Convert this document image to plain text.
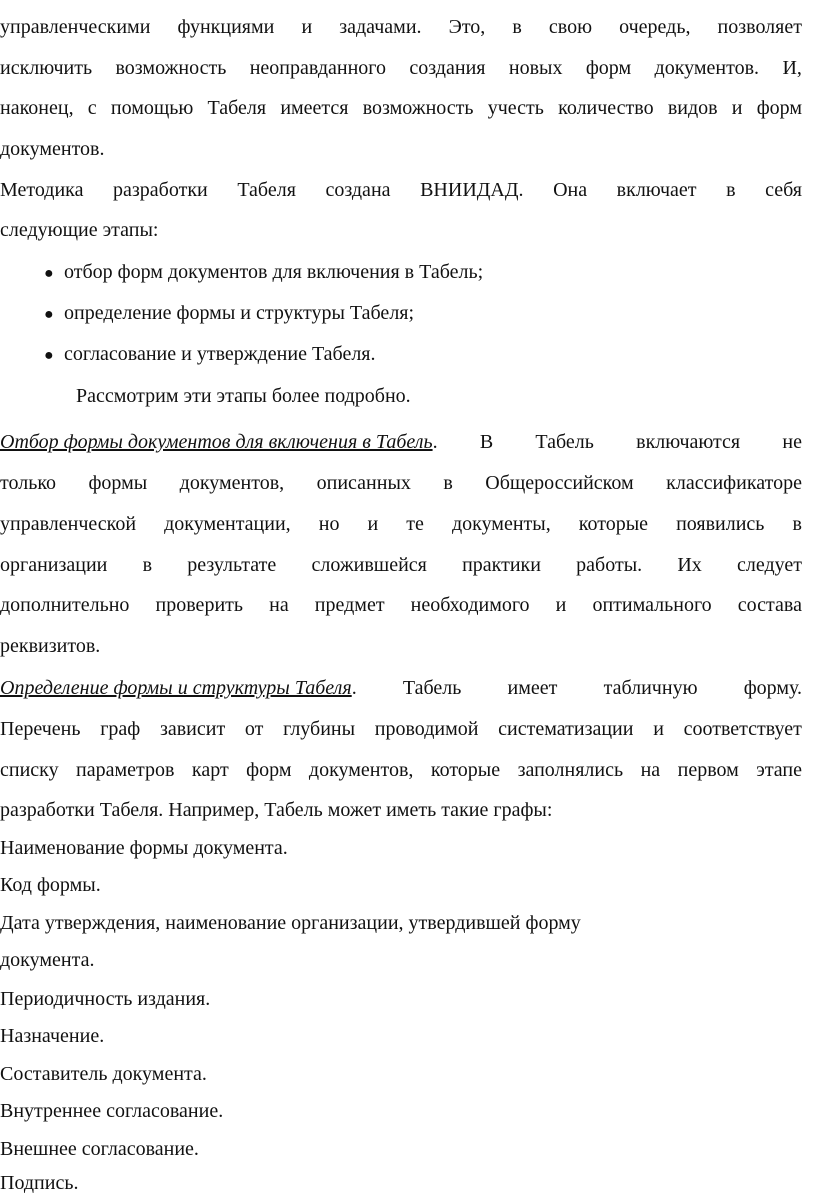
управленческими функциями и задачами. Это, в свою очередь, позволяет
исключить возможность неоправданного создания новых форм документов. И,
наконец, с помощью Табеля имеется возможность учесть количество видов и форм
документов.
Методика разработки Табеля создана ВНИИДАД. Она включает в себя
следующие этапы:
● отбор форм документов для включения в Табель;
● определение формы и структуры Табеля;
● согласование и утверждение Табеля.
Рассмотрим эти этапы более подробно.
Отбор формы документов для включения в Табель. В Табель включаются не
только формы документов, описанных в Общероссийском классификаторе
управленческой документации, но и те документы, которые появились в
организации в результате сложившейся практики работы. Их следует
дополнительно проверить на предмет необходимого и оптимального состава
реквизитов.
Определение формы и структуры Табеля. Табель имеет табличную форму.
Перечень граф зависит от глубины проводимой систематизации и соответствует
списку параметров карт форм документов, которые заполнялись на первом этапе
разработки Табеля. Например, Табель может иметь такие графы:
Наименование формы документа.
Код формы.
Дата утверждения, наименование организации, утвердившей форму
документа.
Периодичность издания.
Назначение.
Составитель документа.
Внутреннее согласование.
Внешнее согласование.
Подпись.
